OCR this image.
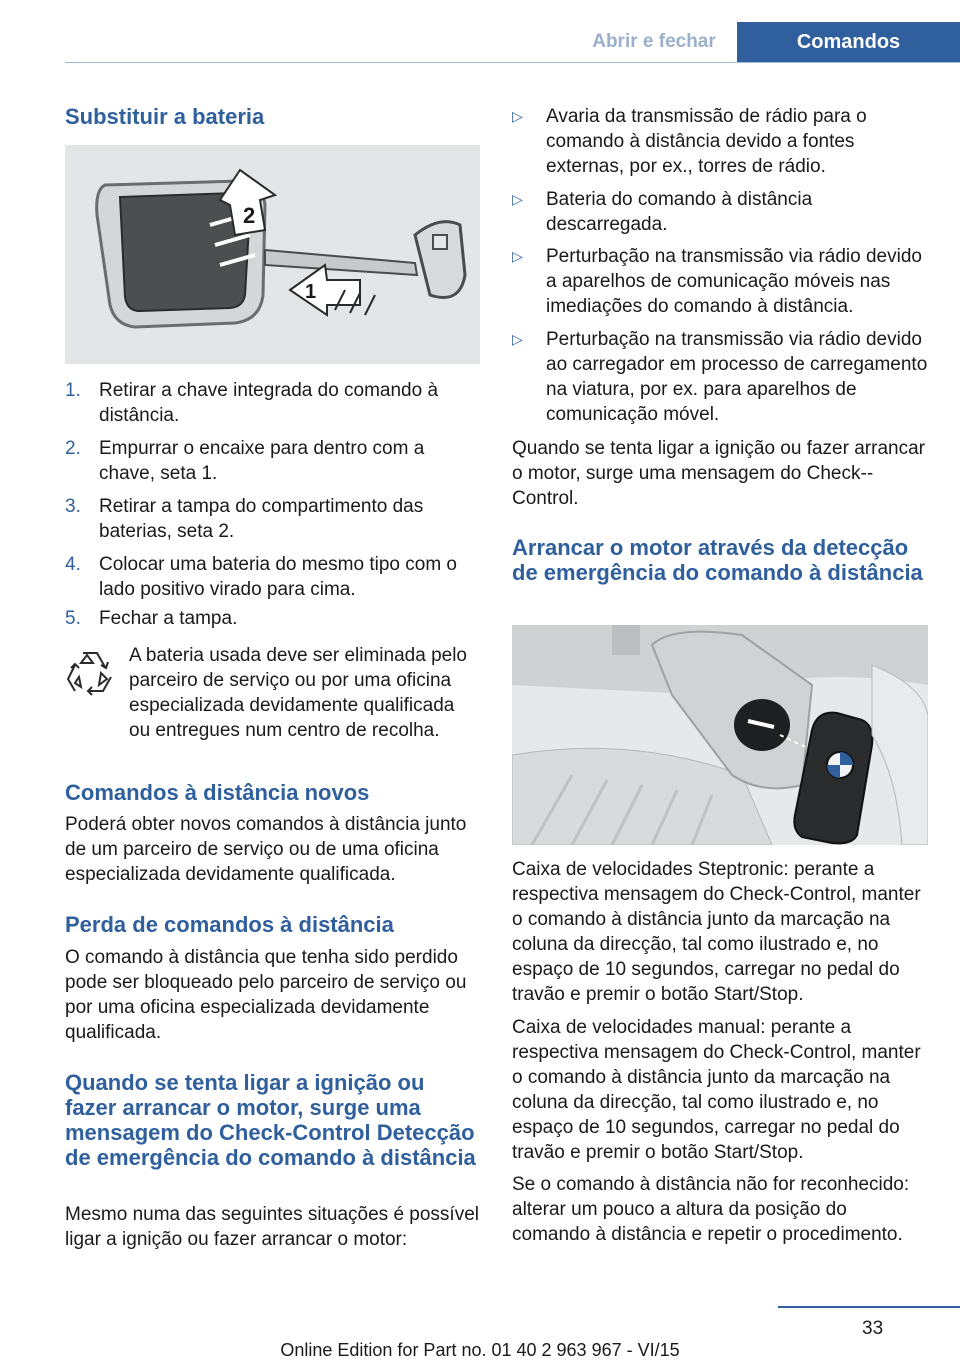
Abrir e fechar	Comandos
Substituir a bateria
2
1
1. Retirar a chave integrada do comando à distância.
2. Empurrar o encaixe para dentro com a chave, seta 1.
3. Retirar a tampa do compartimento das baterias, seta 2.
4. Colocar uma bateria do mesmo tipo com o lado positivo virado para cima.
5. Fechar a tampa.

A bateria usada deve ser eliminada pelo parceiro de serviço ou por uma oficina especializada devidamente qualificada ou entregues num centro de recolha.

Comandos à distância novos

Poderá obter novos comandos à distância junto de um parceiro de serviço ou de uma oficina especializada devidamente qualificada.

Perda de comandos à distância

O comando à distância que tenha sido perdido pode ser bloqueado pelo parceiro de serviço ou por uma oficina especializada devidamente qualificada.

Quando se tenta ligar a ignição ou fazer arrancar o motor, surge uma mensagem do Check-Control Detecção de emergência do comando à distância

Mesmo numa das seguintes situações é possível ligar a ignição ou fazer arrancar o motor:

▷ Avaria da transmissão de rádio para o comando à distância devido a fontes externas, por ex., torres de rádio.
▷ Bateria do comando à distância descarregada.
▷ Perturbação na transmissão via rádio devido a aparelhos de comunicação móveis nas imediações do comando à distância.
▷ Perturbação na transmissão via rádio devido ao carregador em processo de carregamento na viatura, por ex. para aparelhos de comunicação móvel.

Quando se tenta ligar a ignição ou fazer arrancar o motor, surge uma mensagem do Check--Control.

Arrancar o motor através da detecção de emergência do comando à distância

Caixa de velocidades Steptronic: perante a respectiva mensagem do Check-Control, manter o comando à distância junto da marcação na coluna da direcção, tal como ilustrado e, no espaço de 10 segundos, carregar no pedal do travão e premir o botão Start/Stop.

Caixa de velocidades manual: perante a respectiva mensagem do Check-Control, manter o comando à distância junto da marcação na coluna da direcção, tal como ilustrado e, no espaço de 10 segundos, carregar no pedal do travão e premir o botão Start/Stop.

Se o comando à distância não for reconhecido: alterar um pouco a altura da posição do comando à distância e repetir o procedimento.

33
Online Edition for Part no. 01 40 2 963 967 - VI/15
